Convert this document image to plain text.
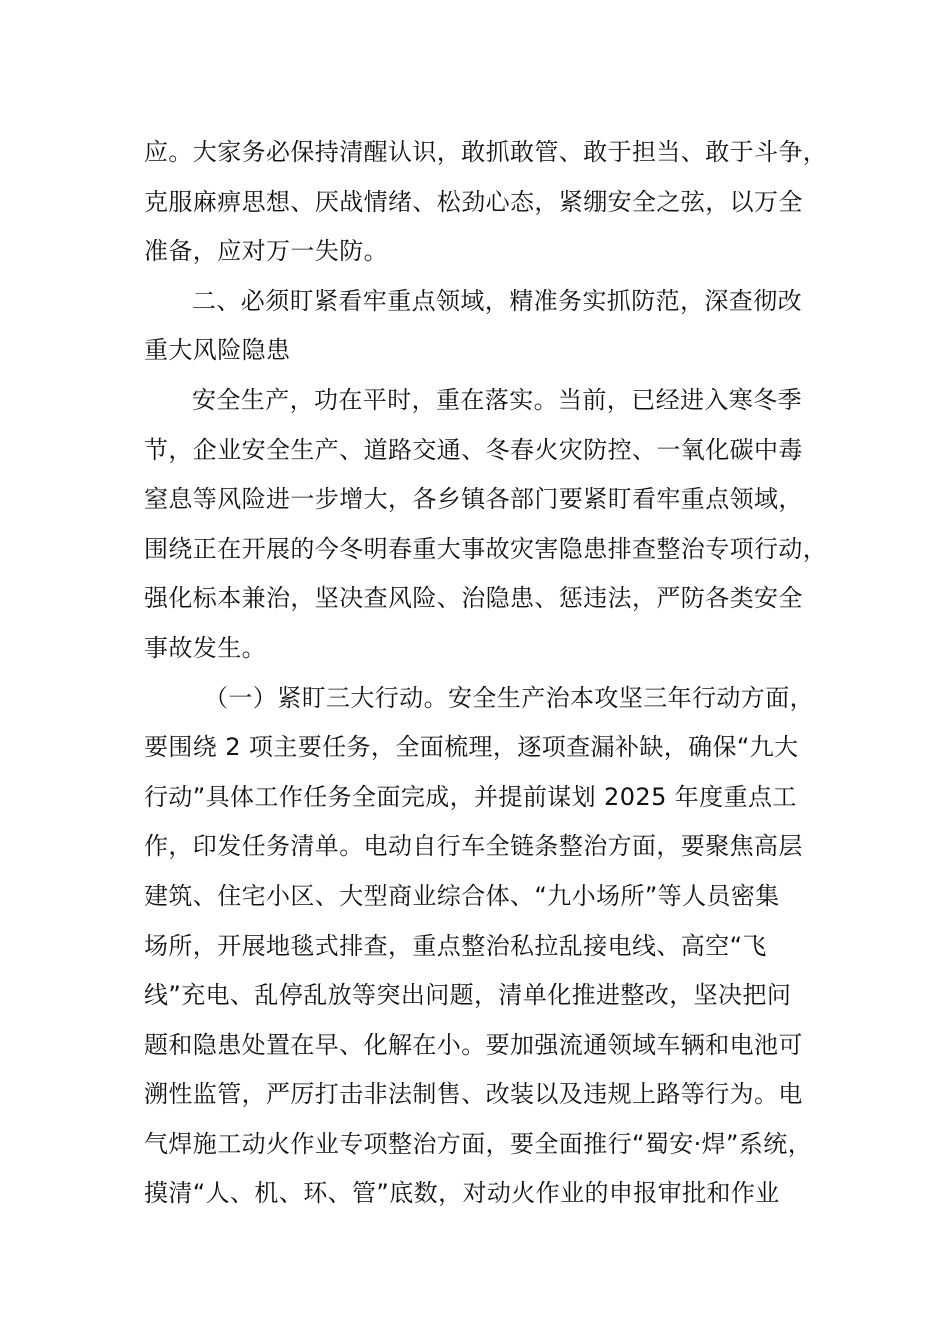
应。大家务必保持清醒认识，敢抓敢管、敢于担当、敢于斗争，
克服麻痹思想、厌战情绪、松劲心态，紧绷安全之弦，以万全
准备，应对万一失防。
二、必须盯紧看牢重点领域，精准务实抓防范，深查彻改
重大风险隐患
安全生产，功在平时，重在落实。当前，已经进入寒冬季
节，企业安全生产、道路交通、冬春火灾防控、一氧化碳中毒
窒息等风险进一步增大，各乡镇各部门要紧盯看牢重点领域，
围绕正在开展的今冬明春重大事故灾害隐患排查整治专项行动，
强化标本兼治，坚决查风险、治隐患、惩违法，严防各类安全
事故发生。
（一）紧盯三大行动。安全生产治本攻坚三年行动方面，
要围绕 2 项主要任务，全面梳理，逐项查漏补缺，确保“九大
行动”具体工作任务全面完成，并提前谋划 2025 年度重点工
作，印发任务清单。电动自行车全链条整治方面，要聚焦高层
建筑、住宅小区、大型商业综合体、“九小场所”等人员密集
场所，开展地毯式排查，重点整治私拉乱接电线、高空“飞
线”充电、乱停乱放等突出问题，清单化推进整改，坚决把问
题和隐患处置在早、化解在小。要加强流通领域车辆和电池可
溯性监管，严厉打击非法制售、改装以及违规上路等行为。电
气焊施工动火作业专项整治方面，要全面推行“蜀安·焊”系统，
摸清“人、机、环、管”底数，对动火作业的申报审批和作业
